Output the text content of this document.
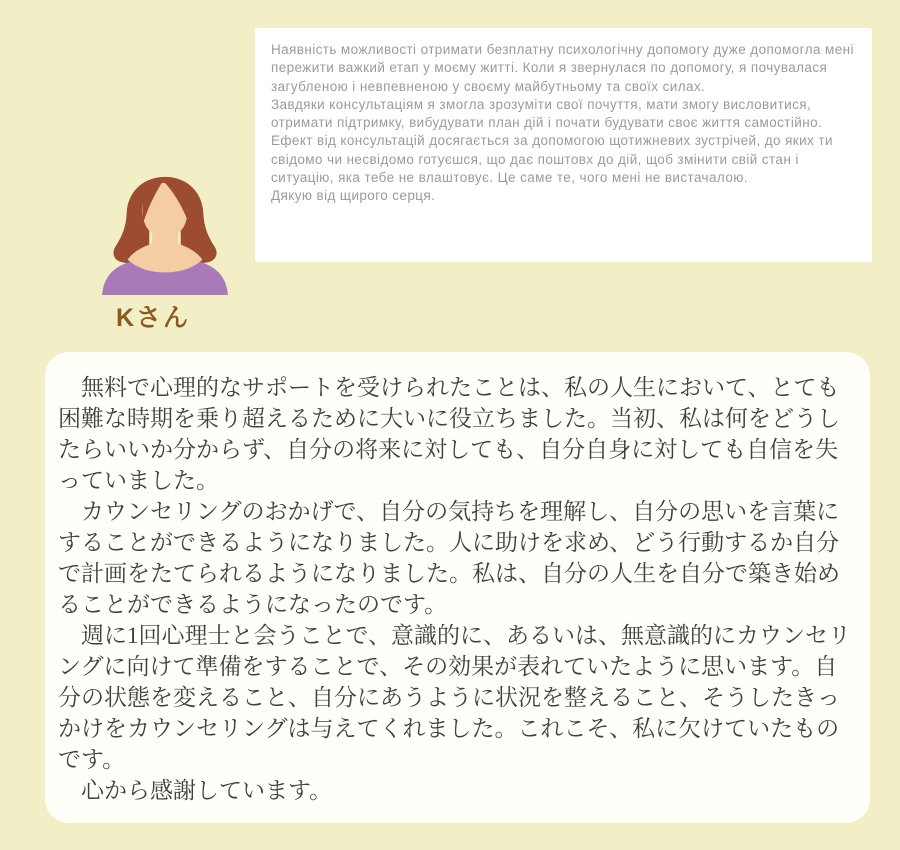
Наявність можливості отримати безплатну психологічну допомогу дуже допомогла мені пережити важкий етап у моєму житті. Коли я звернулася по допомогу, я почувалася загубленою і невпевненою у своєму майбутньому та своїх силах.

Завдяки консультаціям я змогла зрозуміти свої почуття, мати змогу висловитися, отримати підтримку, вибудувати план дій і почати будувати своє життя самостійно.

Ефект від консультацій досягається за допомогою щотижневих зустрічей, до яких ти свідомо чи несвідомо готуєшся, що дає поштовх до дій, щоб змінити свій стан і ситуацію, яка тебе не влаштовує. Це саме те, чого мені не вистачалою.

Дякую від щирого серця.

Kさん

無料で心理的なサポートを受けられたことは、私の人生において、とても困難な時期を乗り超えるために大いに役立ちました。当初、私は何をどうしたらいいか分からず、自分の将来に対しても、自分自身に対しても自信を失っていました。

カウンセリングのおかげで、自分の気持ちを理解し、自分の思いを言葉にすることができるようになりました。人に助けを求め、どう行動するか自分で計画をたてられるようになりました。私は、自分の人生を自分で築き始めることができるようになったのです。

週に1回心理士と会うことで、意識的に、あるいは、無意識的にカウンセリングに向けて準備をすることで、その効果が表れていたように思います。自分の状態を変えること、自分にあうように状況を整えること、そうしたきっかけをカウンセリングは与えてくれました。これこそ、私に欠けていたものです。

心から感謝しています。
